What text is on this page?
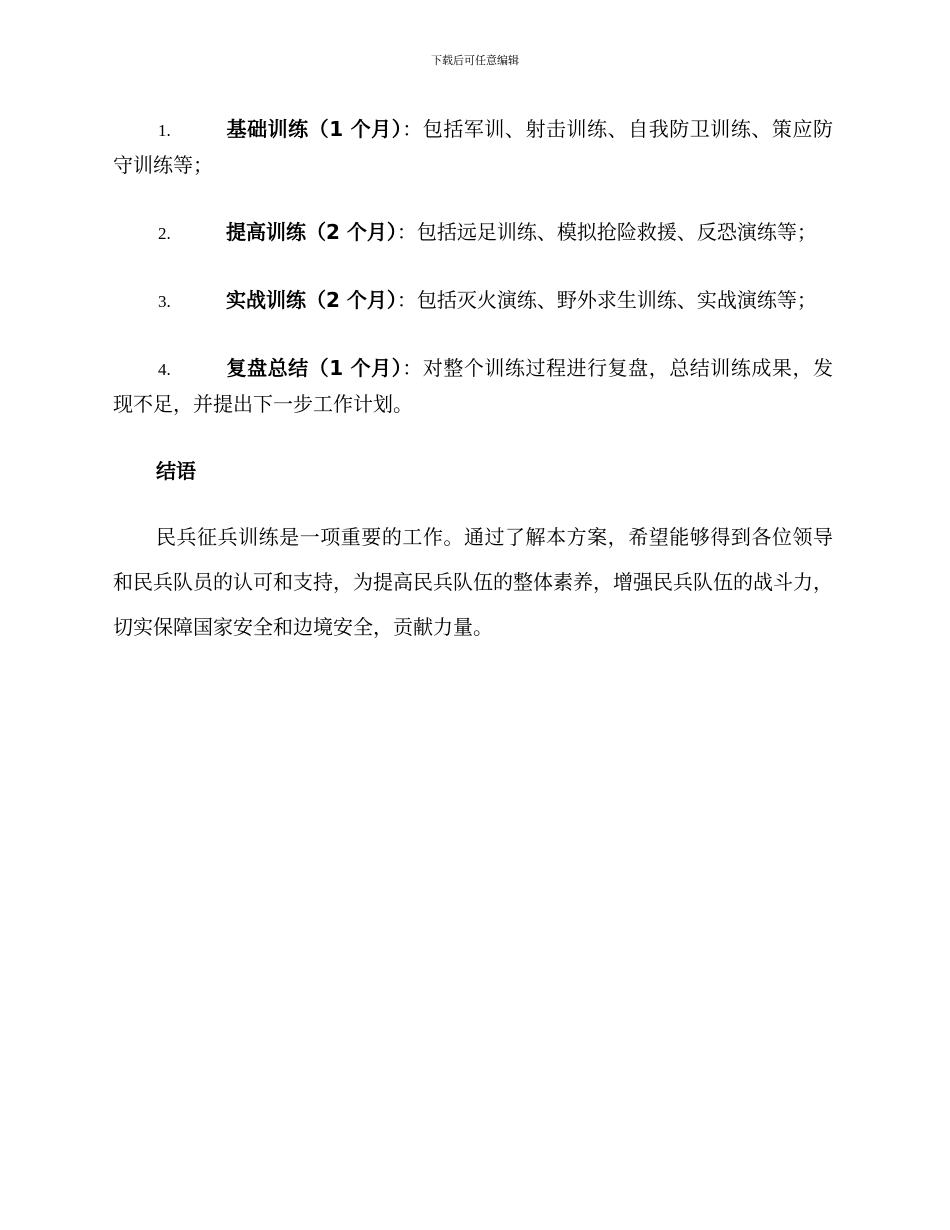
下载后可任意编辑

1.	基础训练（1 个月）：包括军训、射击训练、自我防卫训练、策应防守训练等；

2.	提高训练（2 个月）：包括远足训练、模拟抢险救援、反恐演练等；

3.	实战训练（2 个月）：包括灭火演练、野外求生训练、实战演练等；

4.	复盘总结（1 个月）：对整个训练过程进行复盘，总结训练成果，发现不足，并提出下一步工作计划。

结语

民兵征兵训练是一项重要的工作。通过了解本方案，希望能够得到各位领导和民兵队员的认可和支持，为提高民兵队伍的整体素养，增强民兵队伍的战斗力，切实保障国家安全和边境安全，贡献力量。
